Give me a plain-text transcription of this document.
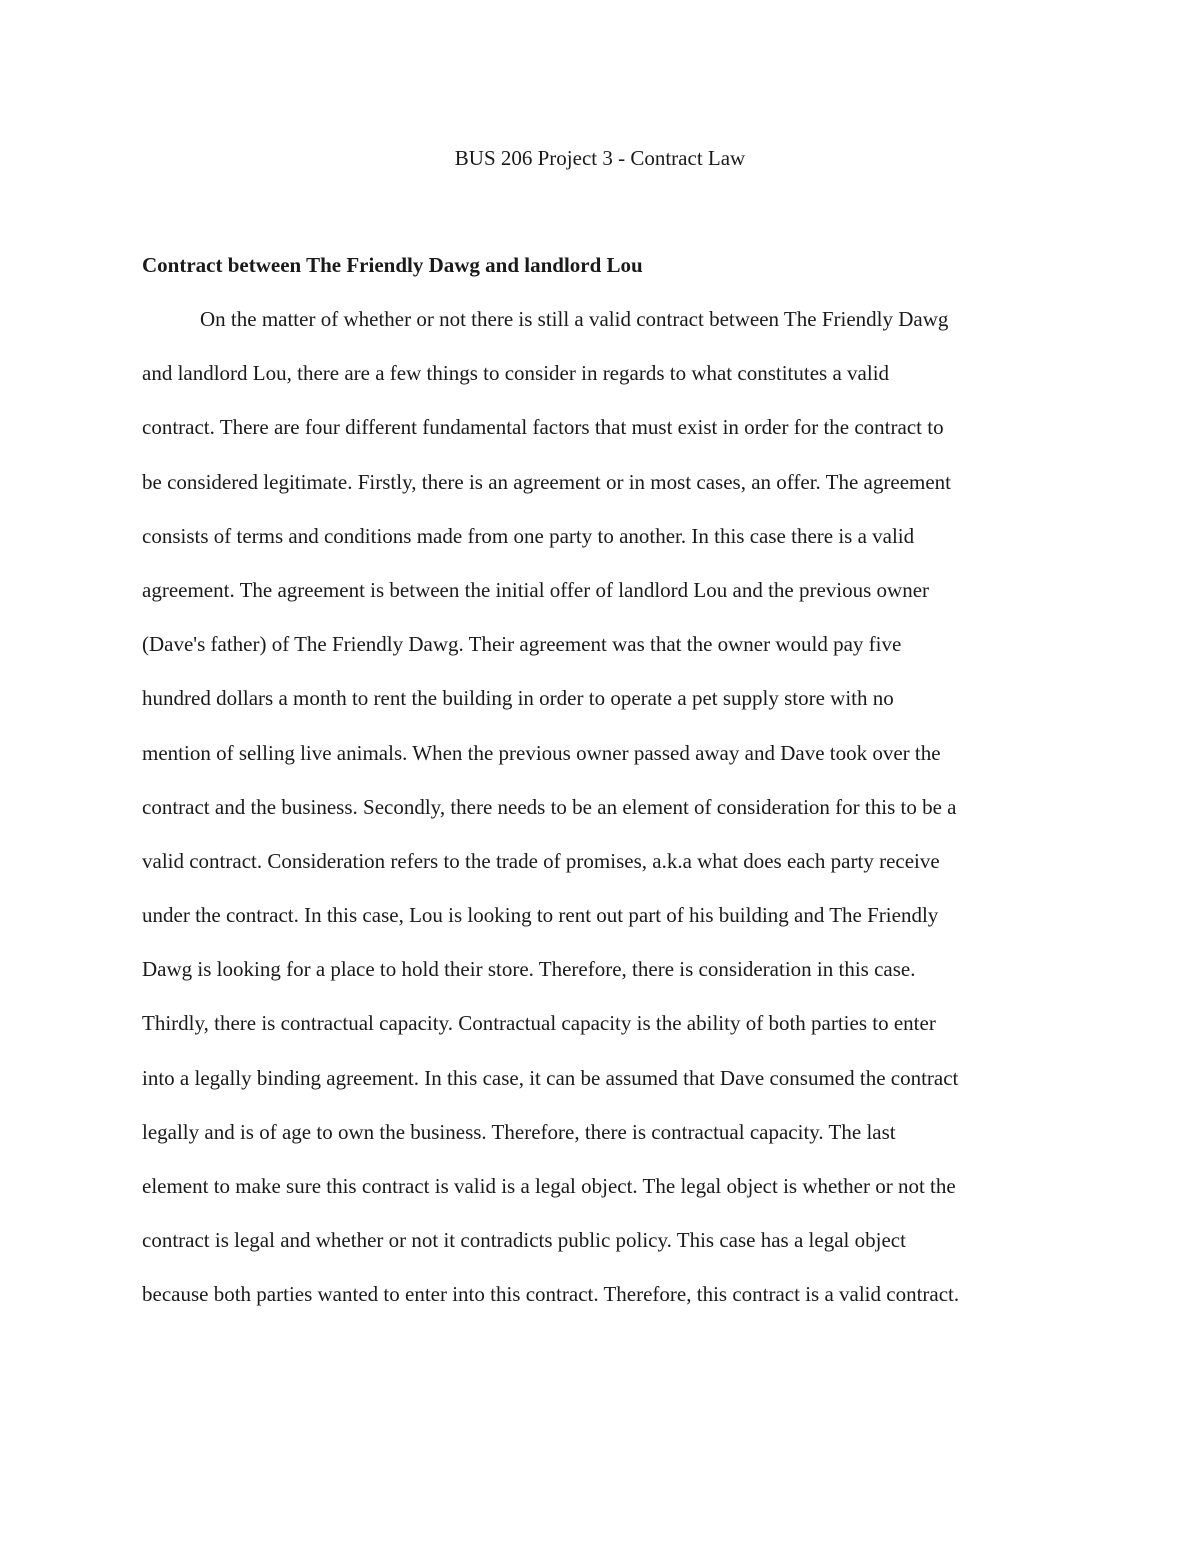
BUS 206 Project 3 - Contract Law
Contract between The Friendly Dawg and landlord Lou
On the matter of whether or not there is still a valid contract between The Friendly Dawg
and landlord Lou, there are a few things to consider in regards to what constitutes a valid
contract. There are four different fundamental factors that must exist in order for the contract to
be considered legitimate. Firstly, there is an agreement or in most cases, an offer. The agreement
consists of terms and conditions made from one party to another. In this case there is a valid
agreement. The agreement is between the initial offer of landlord Lou and the previous owner
(Dave's father) of The Friendly Dawg. Their agreement was that the owner would pay five
hundred dollars a month to rent the building in order to operate a pet supply store with no
mention of selling live animals. When the previous owner passed away and Dave took over the
contract and the business. Secondly, there needs to be an element of consideration for this to be a
valid contract. Consideration refers to the trade of promises, a.k.a what does each party receive
under the contract. In this case, Lou is looking to rent out part of his building and The Friendly
Dawg is looking for a place to hold their store. Therefore, there is consideration in this case.
Thirdly, there is contractual capacity. Contractual capacity is the ability of both parties to enter
into a legally binding agreement. In this case, it can be assumed that Dave consumed the contract
legally and is of age to own the business. Therefore, there is contractual capacity. The last
element to make sure this contract is valid is a legal object. The legal object is whether or not the
contract is legal and whether or not it contradicts public policy. This case has a legal object
because both parties wanted to enter into this contract. Therefore, this contract is a valid contract.
